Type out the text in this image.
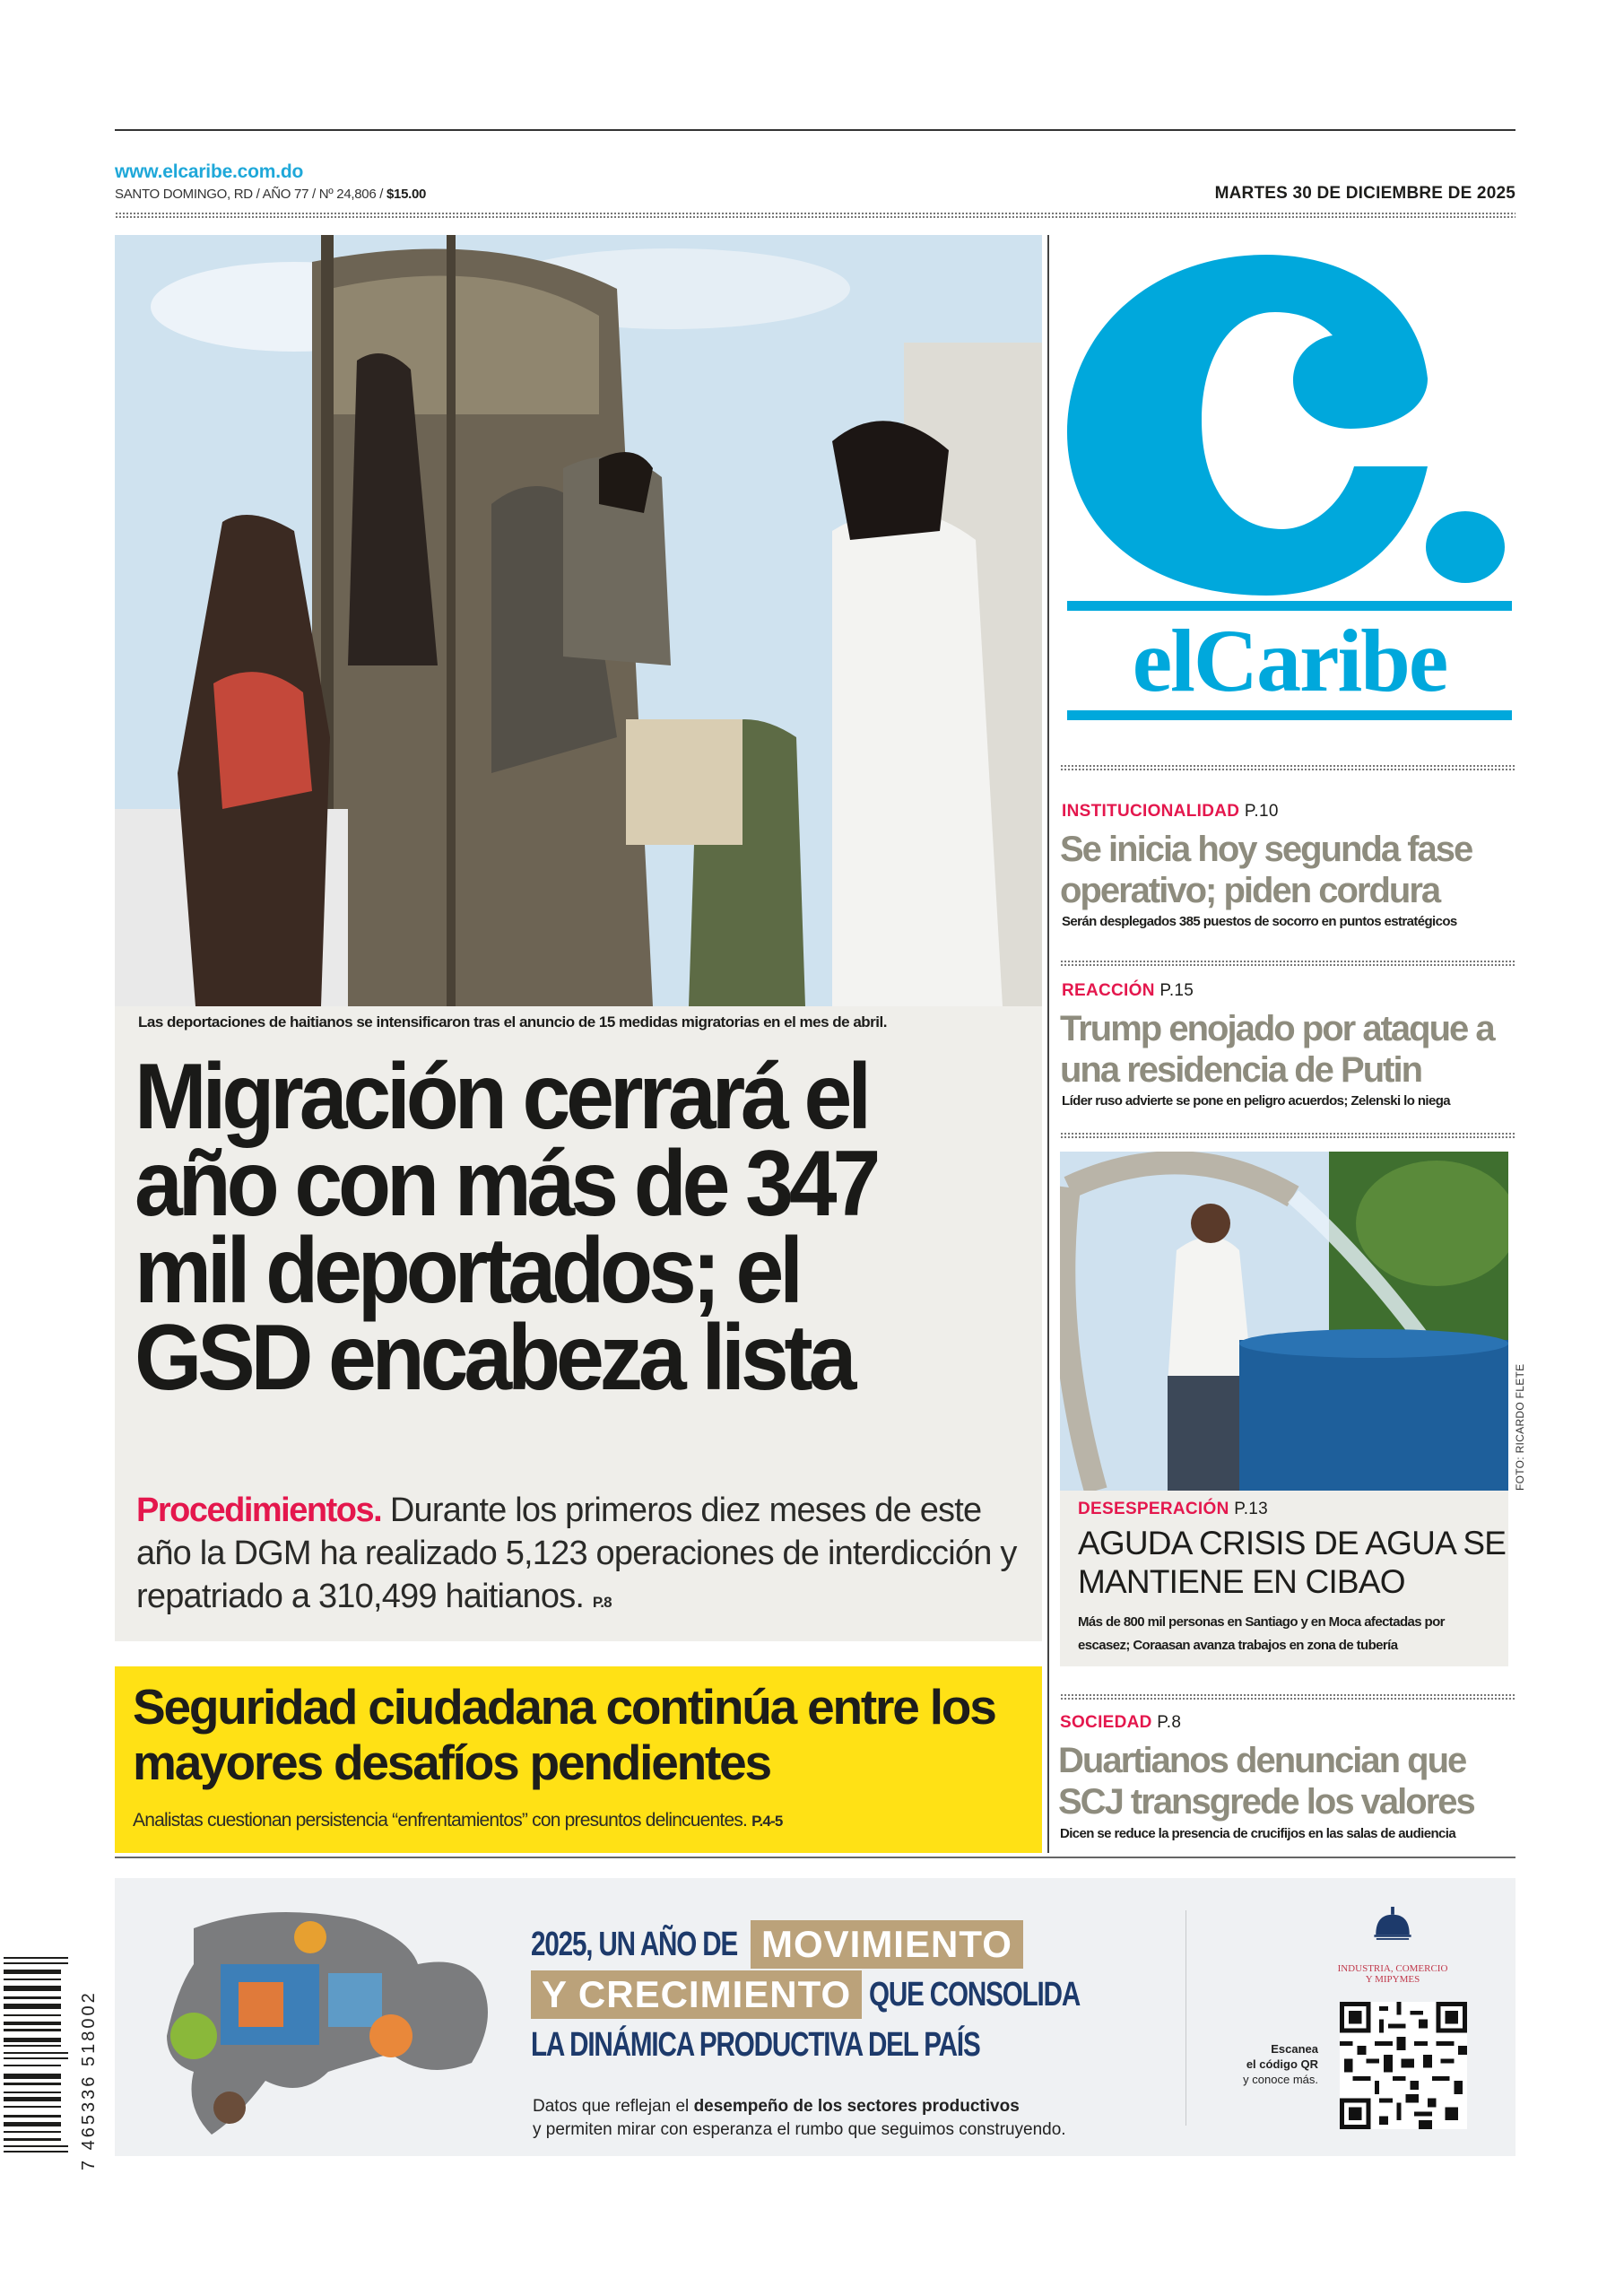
www.elcaribe.com.do
SANTO DOMINGO, RD / AÑO 77 / Nº 24,806 / $15.00	MARTES 30 DE DICIEMBRE DE 2025
Las deportaciones de haitianos se intensificaron tras el anuncio de 15 medidas migratorias en el mes de abril.
Migración cerrará el año con más de 347 mil deportados; el GSD encabeza lista

Procedimientos. Durante los primeros diez meses de este año la DGM ha realizado 5,123 operaciones de interdicción y repatriado a 310,499 haitianos. P.8

Seguridad ciudadana continúa entre los mayores desafíos pendientes

Analistas cuestionan persistencia “enfrentamientos” con presuntos delincuentes. P.4-5

elCaribe
INSTITUCIONALIDAD P.10
Se inicia hoy segunda fase operativo; piden cordura

Serán desplegados 385 puestos de socorro en puntos estratégicos

REACCIÓN P.15
Trump enojado por ataque a una residencia de Putin

Líder ruso advierte se pone en peligro acuerdos; Zelenski lo niega

FOTO: RICARDO FLETE
DESESPERACIÓN P.13
AGUDA CRISIS DE AGUA SE MANTIENE EN CIBAO

Más de 800 mil personas en Santiago y en Moca afectadas por escasez; Coraasan avanza trabajos en zona de tubería

SOCIEDAD P.8
Duartianos denuncian que SCJ transgrede los valores

Dicen se reduce la presencia de crucifijos en las salas de audiencia

2025, UN AÑO DE MOVIMIENTO
Y CRECIMIENTO QUE CONSOLIDA
LA DINÁMICA PRODUCTIVA DEL PAÍS
Datos que reflejan el desempeño de los sectores productivos
y permiten mirar con esperanza el rumbo que seguimos construyendo.
INDUSTRIA, COMERCIO
Y MIPYMES
Escanea
el código QR
y conoce más.
7 465336 518002
